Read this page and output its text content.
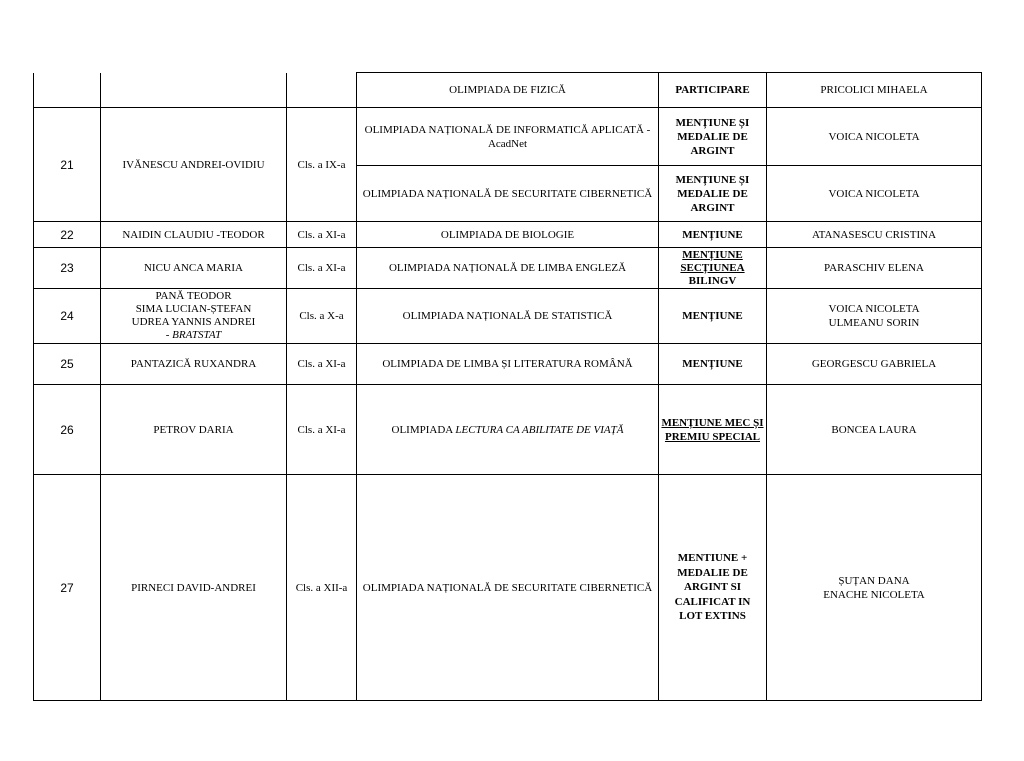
			OLIMPIADA DE FIZICĂ	PARTICIPARE	PRICOLICI MIHAELA
21	IVĂNESCU ANDREI-OVIDIU	Cls. a IX-a	OLIMPIADA NAȚIONALĂ DE INFORMATICĂ APLICATĂ -
AcadNet	MENȚIUNE ȘI
MEDALIE DE
ARGINT	VOICA NICOLETA
			OLIMPIADA NAȚIONALĂ DE SECURITATE CIBERNETICĂ	MENȚIUNE ȘI
MEDALIE DE
ARGINT	VOICA NICOLETA
22	NAIDIN CLAUDIU -TEODOR	Cls. a XI-a	OLIMPIADA DE BIOLOGIE	MENȚIUNE	ATANASESCU CRISTINA
23	NICU ANCA MARIA	Cls. a XI-a	OLIMPIADA NAȚIONALĂ DE LIMBA ENGLEZĂ	MENȚIUNE
SECȚIUNEA
BILINGV	PARASCHIV ELENA
24	PANĂ TEODOR
SIMA LUCIAN-ȘTEFAN
UDREA YANNIS ANDREI
- BRATSTAT	Cls. a X-a	OLIMPIADA NAȚIONALĂ DE STATISTICĂ	MENȚIUNE	VOICA NICOLETA
ULMEANU SORIN

25	PANTAZICĂ RUXANDRA	Cls. a XI-a	OLIMPIADA DE LIMBA ȘI LITERATURA ROMÂNĂ	MENȚIUNE	GEORGESCU GABRIELA
26	PETROV DARIA	Cls. a XI-a	OLIMPIADA LECTURA CA ABILITATE DE VIAȚĂ	MENȚIUNE MEC ȘI
PREMIU SPECIAL	BONCEA LAURA
27	PIRNECI DAVID-ANDREI	Cls. a XII-a	OLIMPIADA NAȚIONALĂ DE SECURITATE CIBERNETICĂ	MENTIUNE +
MEDALIE DE
ARGINT SI
CALIFICAT IN
LOT EXTINS	ȘUȚAN DANA
ENACHE NICOLETA
